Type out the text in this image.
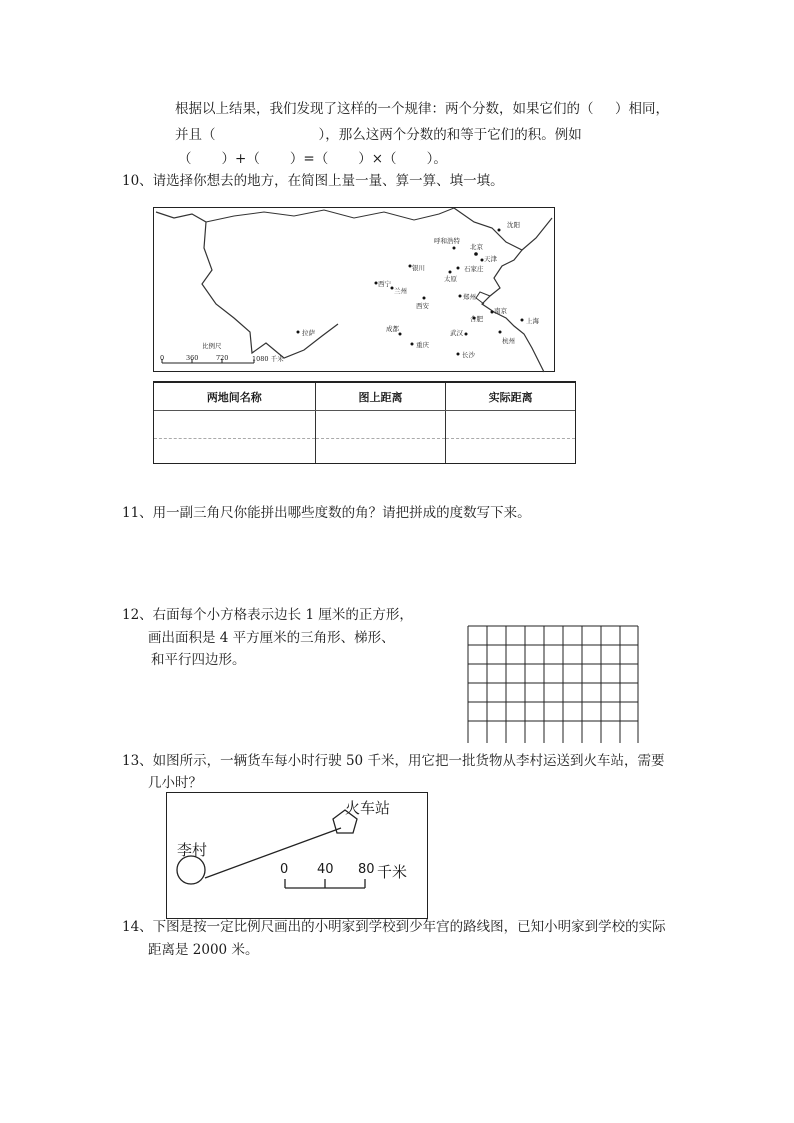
根据以上结果，我们发现了这样的一个规律：两个分数，如果它们的（     ）相同，
并且（                        ），那么这两个分数的和等于它们的积。例如
（       ）+（       ）=（       ）×（       ）。
10、请选择你想去的地方，在简图上量一量、算一算、填一填。
沈阳
呼和浩特
北京
天津
银川	石家庄
太原
西宁
兰州
西安
郑州
南京
合肥	上海
拉萨	成都	武汉
杭州
重庆
长沙
比例尺
0	360	720	1080 千米
两地间名称	图上距离	实际距离

11、用一副三角尺你能拼出哪些度数的角？请把拼成的度数写下来。
12、右面每个小方格表示边长 1 厘米的正方形，
画出面积是 4 平方厘米的三角形、梯形、
和平行四边形。
13、如图所示，一辆货车每小时行驶 50 千米，用它把一批货物从李村运送到火车站，需要
几小时？
火车站
李村
0 40 80 千米
14、下图是按一定比例尺画出的小明家到学校到少年宫的路线图，已知小明家到学校的实际
距离是 2000 米。
